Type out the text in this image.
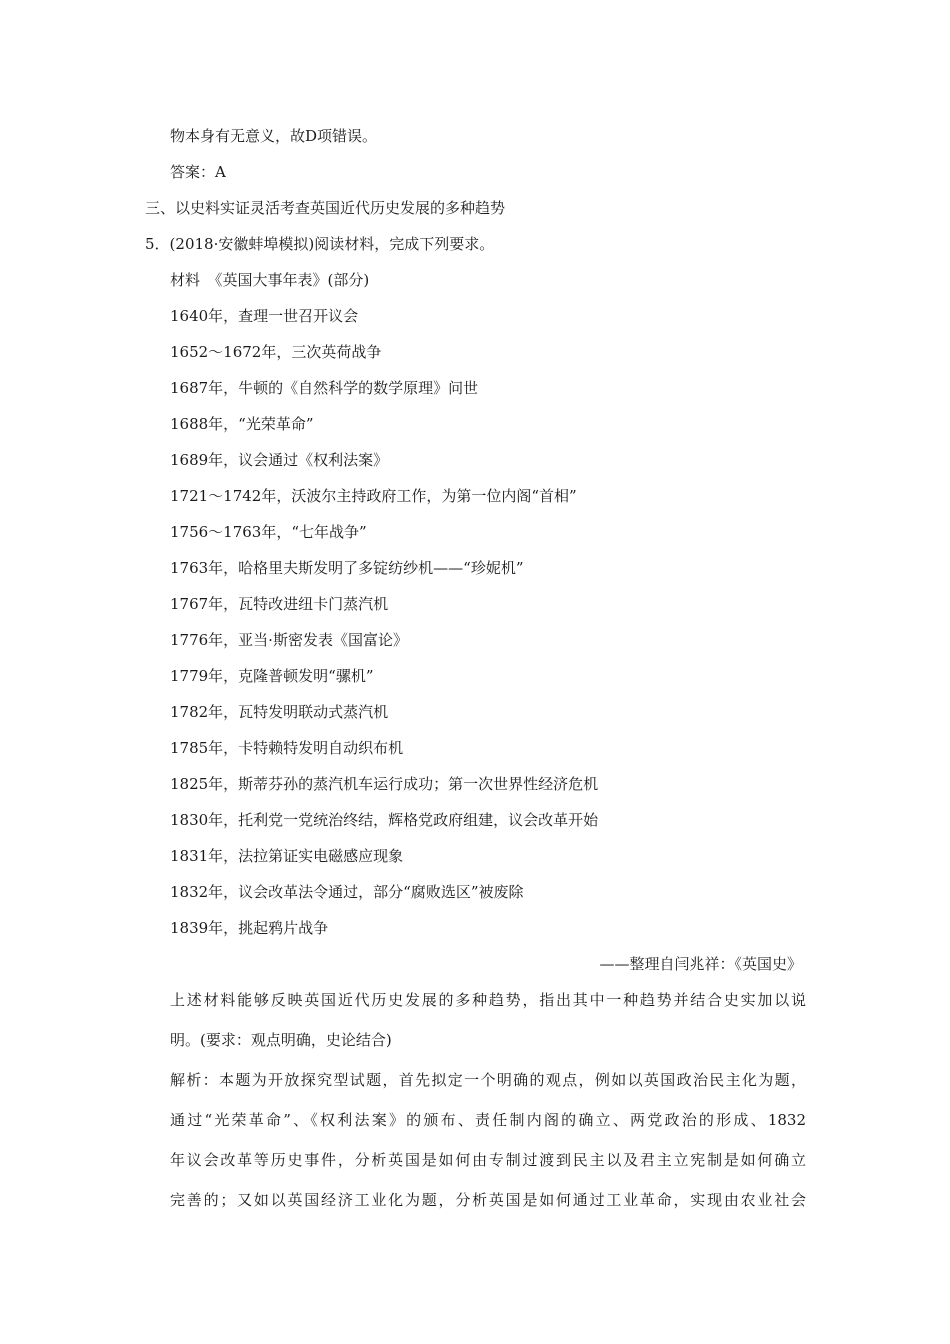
物本身有无意义，故D项错误。
答案：A
三、以史料实证灵活考查英国近代历史发展的多种趋势
5．(2018·安徽蚌埠模拟)阅读材料，完成下列要求。
材料　《英国大事年表》(部分)
1640年，查理一世召开议会
1652～1672年，三次英荷战争
1687年，牛顿的《自然科学的数学原理》问世
1688年，“光荣革命”
1689年，议会通过《权利法案》
1721～1742年，沃波尔主持政府工作，为第一位内阁“首相”
1756～1763年，“七年战争”
1763年，哈格里夫斯发明了多锭纺纱机——“珍妮机”
1767年，瓦特改进纽卡门蒸汽机
1776年，亚当·斯密发表《国富论》
1779年，克隆普顿发明“骡机”
1782年，瓦特发明联动式蒸汽机
1785年，卡特赖特发明自动织布机
1825年，斯蒂芬孙的蒸汽机车运行成功；第一次世界性经济危机
1830年，托利党一党统治终结，辉格党政府组建，议会改革开始
1831年，法拉第证实电磁感应现象
1832年，议会改革法令通过，部分“腐败选区”被废除
1839年，挑起鸦片战争
——整理自闫兆祥：《英国史》
上述材料能够反映英国近代历史发展的多种趋势，指出其中一种趋势并结合史实加以说
明。(要求：观点明确，史论结合)
解析：本题为开放探究型试题，首先拟定一个明确的观点，例如以英国政治民主化为题，
通过“光荣革命”、《权利法案》的颁布、责任制内阁的确立、两党政治的形成、1832
年议会改革等历史事件，分析英国是如何由专制过渡到民主以及君主立宪制是如何确立
完善的；又如以英国经济工业化为题，分析英国是如何通过工业革命，实现由农业社会
